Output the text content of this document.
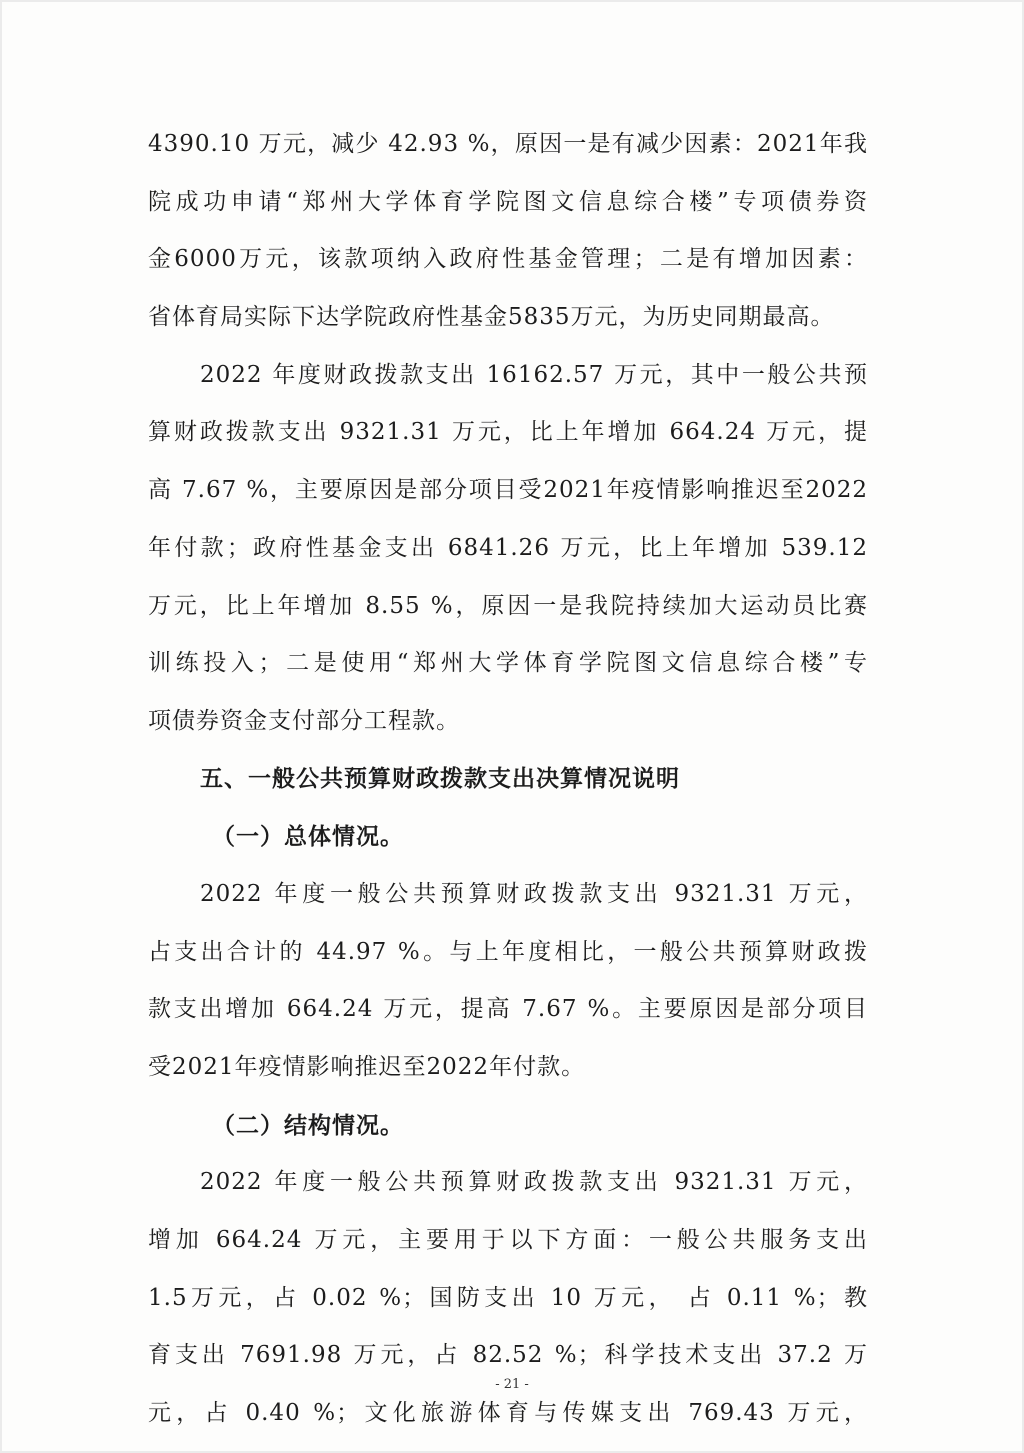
4390.10 万元，减少 42.93 %，原因一是有减少因素：2021年我
院成功申请“郑州大学体育学院图文信息综合楼”专项债券资
金6000万元，该款项纳入政府性基金管理；二是有增加因素：
省体育局实际下达学院政府性基金5835万元，为历史同期最高。
2022 年度财政拨款支出 16162.57 万元，其中一般公共预
算财政拨款支出 9321.31 万元，比上年增加 664.24 万元，提
高 7.67 %，主要原因是部分项目受2021年疫情影响推迟至2022
年付款；政府性基金支出 6841.26 万元，比上年增加 539.12
万元，比上年增加 8.55 %，原因一是我院持续加大运动员比赛
训练投入；二是使用“郑州大学体育学院图文信息综合楼”专
项债券资金支付部分工程款。
五、一般公共预算财政拨款支出决算情况说明
（一）总体情况。
2022 年度一般公共预算财政拨款支出 9321.31 万元，
占支出合计的 44.97 %。与上年度相比，一般公共预算财政拨
款支出增加 664.24 万元，提高 7.67 %。主要原因是部分项目
受2021年疫情影响推迟至2022年付款。
（二）结构情况。
2022 年度一般公共预算财政拨款支出 9321.31 万元，
增加 664.24 万元，主要用于以下方面：一般公共服务支出
1.5万元，占 0.02 %；国防支出 10 万元， 占 0.11 %；教
育支出 7691.98 万元，占 82.52 %；科学技术支出 37.2 万
元，占 0.40 %；文化旅游体育与传媒支出 769.43 万元，
- 21 -
